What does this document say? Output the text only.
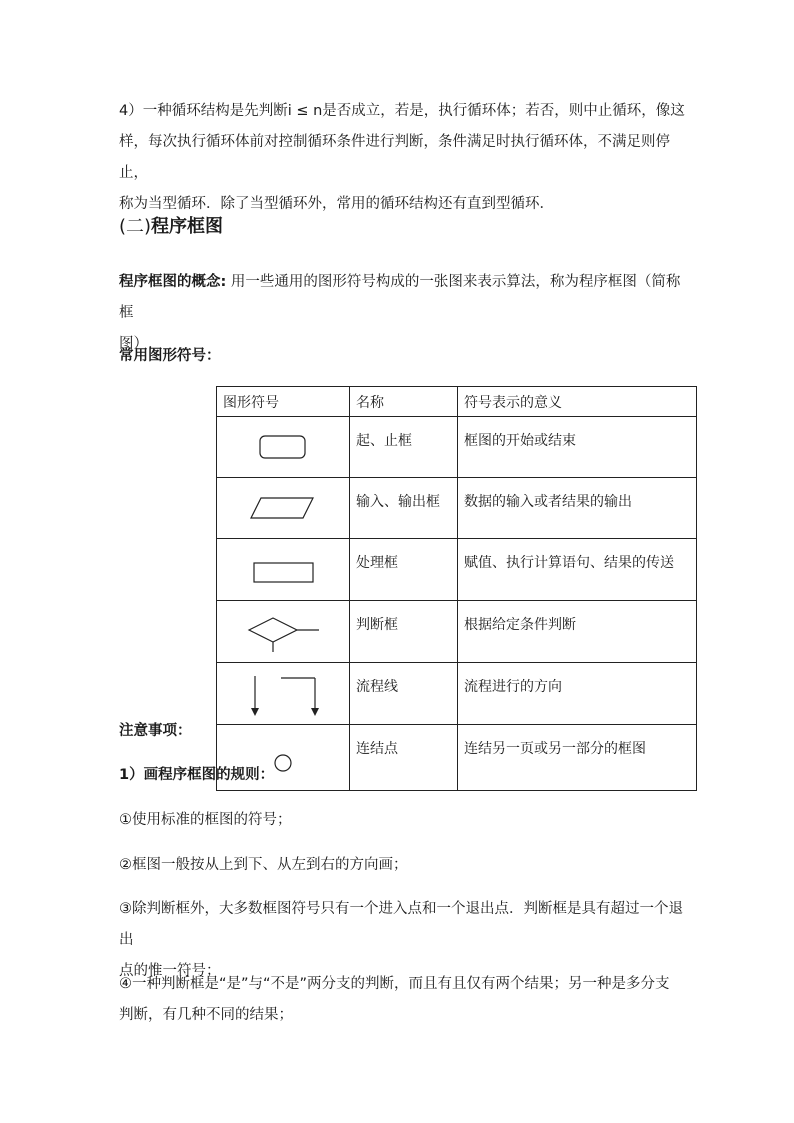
4）一种循环结构是先判断i ≤ n是否成立，若是，执行循环体；若否，则中止循环，像这
样，每次执行循环体前对控制循环条件进行判断，条件满足时执行循环体，不满足则停止，
称为当型循环．除了当型循环外，常用的循环结构还有直到型循环．

(二)程序框图

程序框图的概念: 用一些通用的图形符号构成的一张图来表示算法，称为程序框图（简称框
图）.

常用图形符号：

图形符号	名称	符号表示的意义

	起、止框	框图的开始或结束

	输入、输出框	数据的输入或者结果的输出

	处理框	赋值、执行计算语句、结果的传送

	判断框	根据给定条件判断

	流程线	流程进行的方向

	连结点	连结另一页或另一部分的框图

注意事项：

1）画程序框图的规则：

①使用标准的框图的符号；

②框图一般按从上到下、从左到右的方向画；

③除判断框外，大多数框图符号只有一个进入点和一个退出点．判断框是具有超过一个退出
点的惟一符号；

④一种判断框是“是”与“不是”两分支的判断，而且有且仅有两个结果；另一种是多分支
判断，有几种不同的结果；
